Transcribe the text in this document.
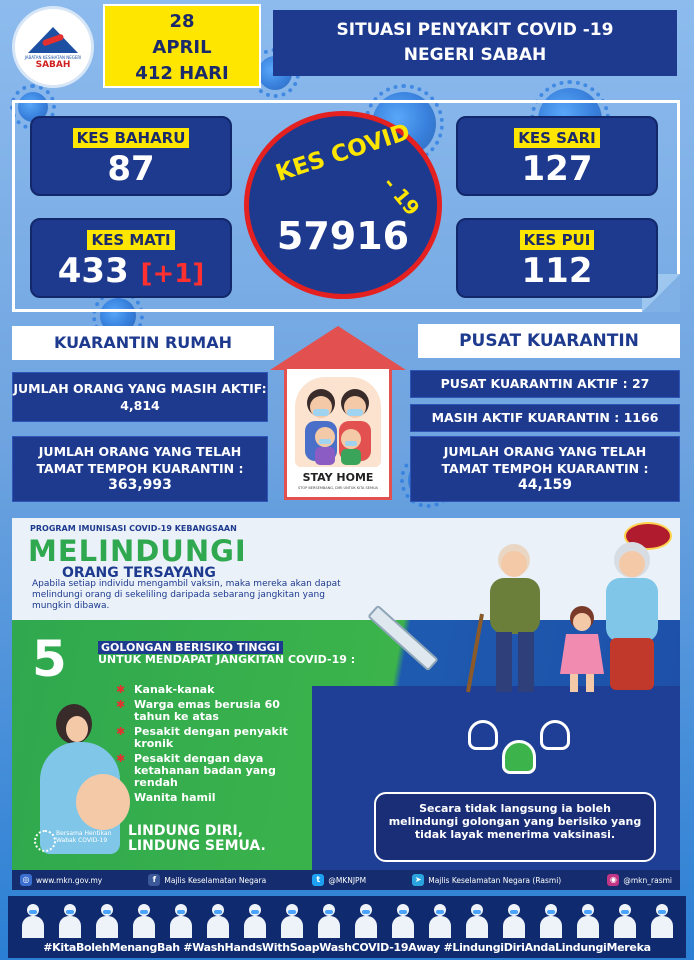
JABATAN KESIHATAN NEGERI
SABAH
28
APRIL
412 HARI
SITUASI PENYAKIT COVID -19
NEGERI SABAH
KES BAHARU
87
KES MATI
433 [+1]
KES SARI
127
KES PUI
112
KES COVID
- 19
57916
KUARANTIN RUMAH
JUMLAH ORANG YANG MASIH AKTIF: 4,814
JUMLAH ORANG YANG TELAH TAMAT TEMPOH KUARANTIN :
363,993	STAY HOME
STOP BERSEMBANG, DIRI UNTUK KITA SEMUA
PUSAT KUARANTIN
PUSAT KUARANTIN AKTIF : 27
MASIH AKTIF KUARANTIN : 1166
JUMLAH ORANG YANG TELAH TAMAT TEMPOH KUARANTIN :
44,159
PROGRAM IMUNISASI COVID-19 KEBANGSAAN
MELINDUNGI
ORANG TERSAYANG
Apabila setiap individu mengambil vaksin, maka mereka akan dapat melindungi orang di sekeliling daripada sebarang jangkitan yang mungkin dibawa.
5	GOLONGAN BERISIKO TINGGI
UNTUK MENDAPAT JANGKITAN COVID-19 :
✱ Kanak-kanak
✱ Warga emas berusia 60 tahun ke atas
✱ Pesakit dengan penyakit kronik
✱ Pesakit dengan daya ketahanan badan yang rendah
✱ Wanita hamil
Secara tidak langsung ia boleh melindungi golongan yang berisiko yang tidak layak menerima vaksinasi.
Bersama Hentikan Wabak COVID-19
LINDUNG DIRI,
LINDUNG SEMUA.
◎ www.mkn.gov.my	f	Majlis Keselamatan Negara	t	@MKNJPM	➤ Majlis Keselamatan Negara (Rasmi)	◉ @mkn_rasmi
#KitaBolehMenangBah #WashHandsWithSoapWashCOVID-19Away #LindungiDiriAndaLindungiMereka
